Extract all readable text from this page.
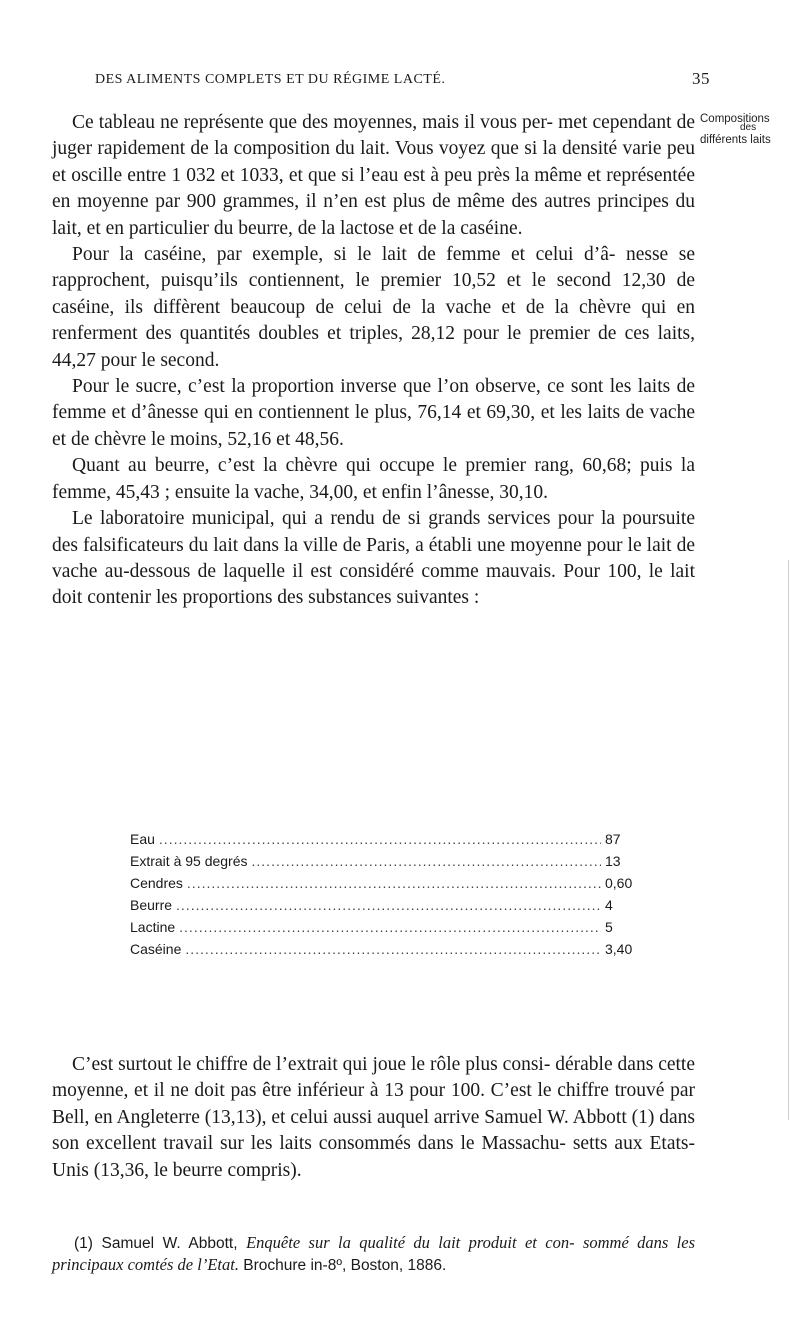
DES ALIMENTS COMPLETS ET DU RÉGIME LACTÉ.	35
Compositions
des
différents laits

Ce tableau ne représente que des moyennes, mais il vous per- met cependant de juger rapidement de la composition du lait. Vous voyez que si la densité varie peu et oscille entre 1 032 et 1033, et que si l’eau est à peu près la même et représentée en moyenne par 900 grammes, il n’en est plus de même des autres principes du lait, et en particulier du beurre, de la lactose et de la caséine.

Pour la caséine, par exemple, si le lait de femme et celui d’â- nesse se rapprochent, puisqu’ils contiennent, le premier 10,52 et le second 12,30 de caséine, ils diffèrent beaucoup de celui de la vache et de la chèvre qui en renferment des quantités doubles et triples, 28,12 pour le premier de ces laits, 44,27 pour le second.

Pour le sucre, c’est la proportion inverse que l’on observe, ce sont les laits de femme et d’ânesse qui en contiennent le plus, 76,14 et 69,30, et les laits de vache et de chèvre le moins, 52,16 et 48,56.

Quant au beurre, c’est la chèvre qui occupe le premier rang, 60,68; puis la femme, 45,43 ; ensuite la vache, 34,00, et enfin l’ânesse, 30,10.

Le laboratoire municipal, qui a rendu de si grands services pour la poursuite des falsificateurs du lait dans la ville de Paris, a établi une moyenne pour le lait de vache au-dessous de laquelle il est considéré comme mauvais. Pour 100, le lait doit contenir les proportions des substances suivantes :

Eau .....	87
Extrait à 95 degrés .....	13
Cendres .....	0,60
Beurre .....	4
Lactine .....	5
Caséine .....	3,40

C’est surtout le chiffre de l’extrait qui joue le rôle plus consi- dérable dans cette moyenne, et il ne doit pas être inférieur à 13 pour 100. C’est le chiffre trouvé par Bell, en Angleterre (13,13), et celui aussi auquel arrive Samuel W. Abbott (1) dans son excellent travail sur les laits consommés dans le Massachu- setts aux Etats-Unis (13,36, le beurre compris).

(1) Samuel W. Abbott, Enquête sur la qualité du lait produit et con- sommé dans les principaux comtés de l’Etat. Brochure in-8º, Boston, 1886.
